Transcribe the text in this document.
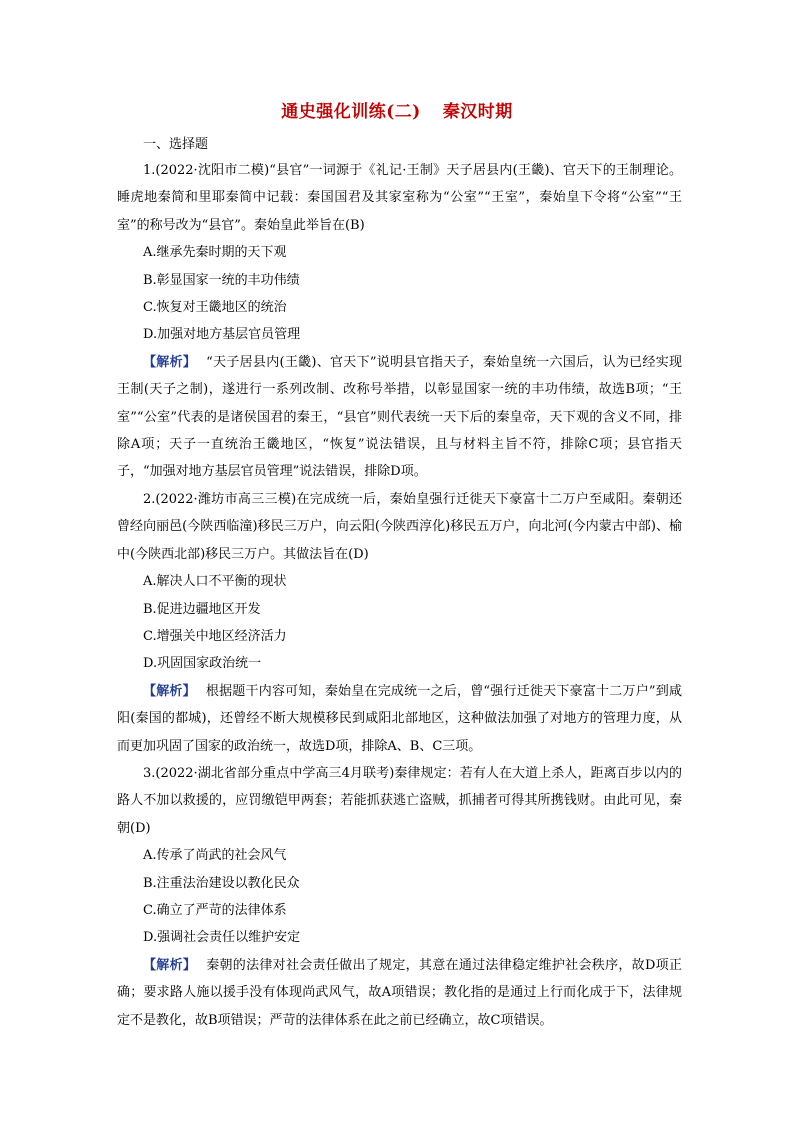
通史强化训练(二) 秦汉时期
一、选择题

1.(2022·沈阳市二模)“县官”一词源于《礼记·王制》天子居县内(王畿)、官天下的王制理论。睡虎地秦简和里耶秦简中记载：秦国国君及其家室称为“公室”“王室”，秦始皇下令将“公室”“王室”的称号改为“县官”。秦始皇此举旨在(B)

A.继承先秦时期的天下观

B.彰显国家一统的丰功伟绩

C.恢复对王畿地区的统治

D.加强对地方基层官员管理

【解析】 “天子居县内(王畿)、官天下”说明县官指天子，秦始皇统一六国后，认为已经实现王制(天子之制)，遂进行一系列改制、改称号举措，以彰显国家一统的丰功伟绩，故选B项；“王室”“公室”代表的是诸侯国君的秦王，“县官”则代表统一天下后的秦皇帝，天下观的含义不同，排除A项；天子一直统治王畿地区，“恢复”说法错误，且与材料主旨不符，排除C项；县官指天子，“加强对地方基层官员管理”说法错误，排除D项。

2.(2022·潍坊市高三三模)在完成统一后，秦始皇强行迁徙天下豪富十二万户至咸阳。秦朝还曾经向丽邑(今陕西临潼)移民三万户，向云阳(今陕西淳化)移民五万户，向北河(今内蒙古中部)、榆中(今陕西北部)移民三万户。其做法旨在(D)

A.解决人口不平衡的现状

B.促进边疆地区开发

C.增强关中地区经济活力

D.巩固国家政治统一

【解析】 根据题干内容可知，秦始皇在完成统一之后，曾“强行迁徙天下豪富十二万户”到咸阳(秦国的都城)，还曾经不断大规模移民到咸阳北部地区，这种做法加强了对地方的管理力度，从而更加巩固了国家的政治统一，故选D项，排除A、B、C三项。

3.(2022·湖北省部分重点中学高三4月联考)秦律规定：若有人在大道上杀人，距离百步以内的路人不加以救援的，应罚缴铠甲两套；若能抓获逃亡盗贼，抓捕者可得其所携钱财。由此可见，秦朝(D)

A.传承了尚武的社会风气

B.注重法治建设以教化民众

C.确立了严苛的法律体系

D.强调社会责任以维护安定

【解析】 秦朝的法律对社会责任做出了规定，其意在通过法律稳定维护社会秩序，故D项正确；要求路人施以援手没有体现尚武风气，故A项错误；教化指的是通过上行而化成于下，法律规定不是教化，故B项错误；严苛的法律体系在此之前已经确立，故C项错误。
